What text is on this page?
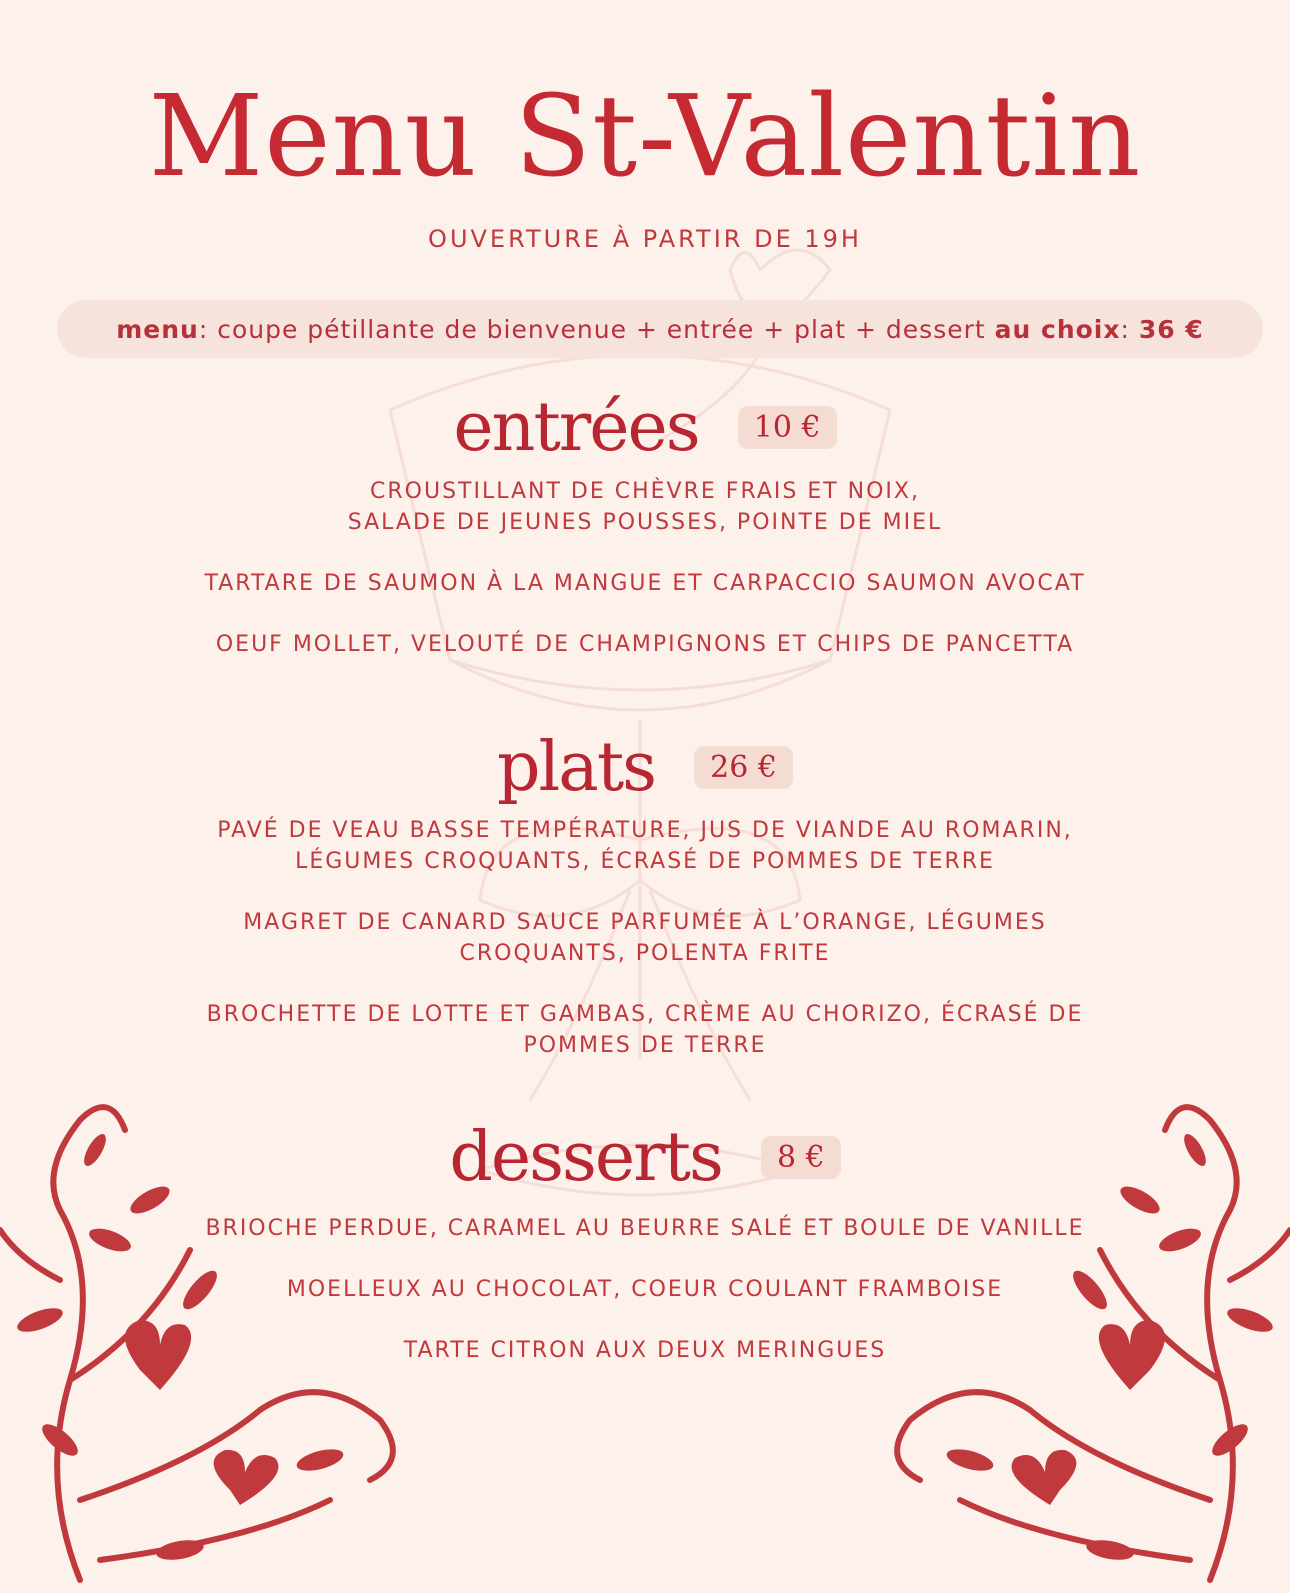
Menu St-Valentin
OUVERTURE À PARTIR DE 19H
menu: coupe pétillante de bienvenue + entrée + plat + dessert au choix: 36 €
entrées 10 €
CROUSTILLANT DE CHÈVRE FRAIS ET NOIX,
SALADE DE JEUNES POUSSES, POINTE DE MIEL
TARTARE DE SAUMON À LA MANGUE ET CARPACCIO SAUMON AVOCAT
OEUF MOLLET, VELOUTÉ DE CHAMPIGNONS ET CHIPS DE PANCETTA
plats 26 €
PAVÉ DE VEAU BASSE TEMPÉRATURE, JUS DE VIANDE AU ROMARIN,
LÉGUMES CROQUANTS, ÉCRASÉ DE POMMES DE TERRE
MAGRET DE CANARD SAUCE PARFUMÉE À L’ORANGE, LÉGUMES
CROQUANTS, POLENTA FRITE
BROCHETTE DE LOTTE ET GAMBAS, CRÈME AU CHORIZO, ÉCRASÉ DE
POMMES DE TERRE
desserts 8 €
BRIOCHE PERDUE, CARAMEL AU BEURRE SALÉ ET BOULE DE VANILLE
MOELLEUX AU CHOCOLAT, COEUR COULANT FRAMBOISE
TARTE CITRON AUX DEUX MERINGUES
